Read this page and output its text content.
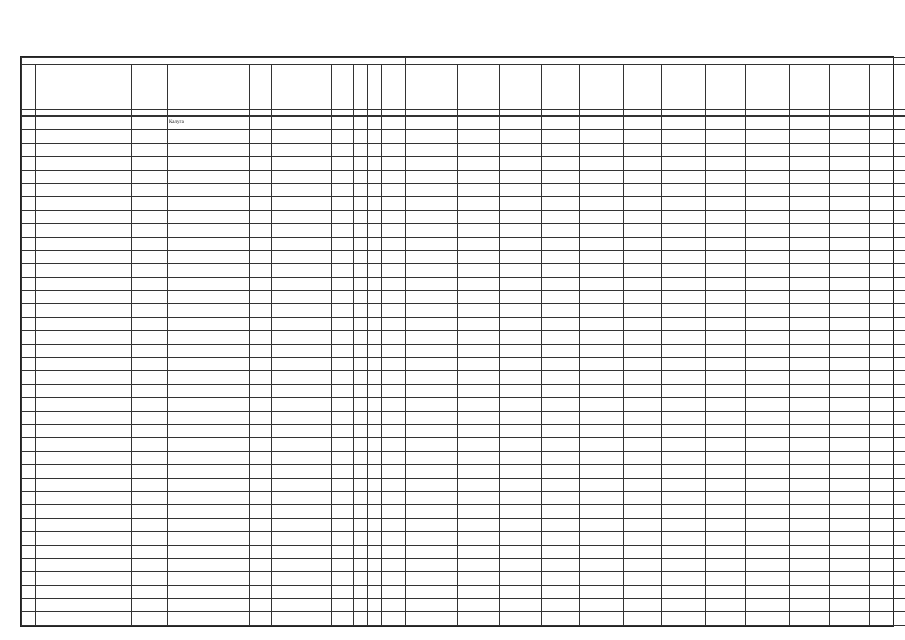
			Калуга																				
